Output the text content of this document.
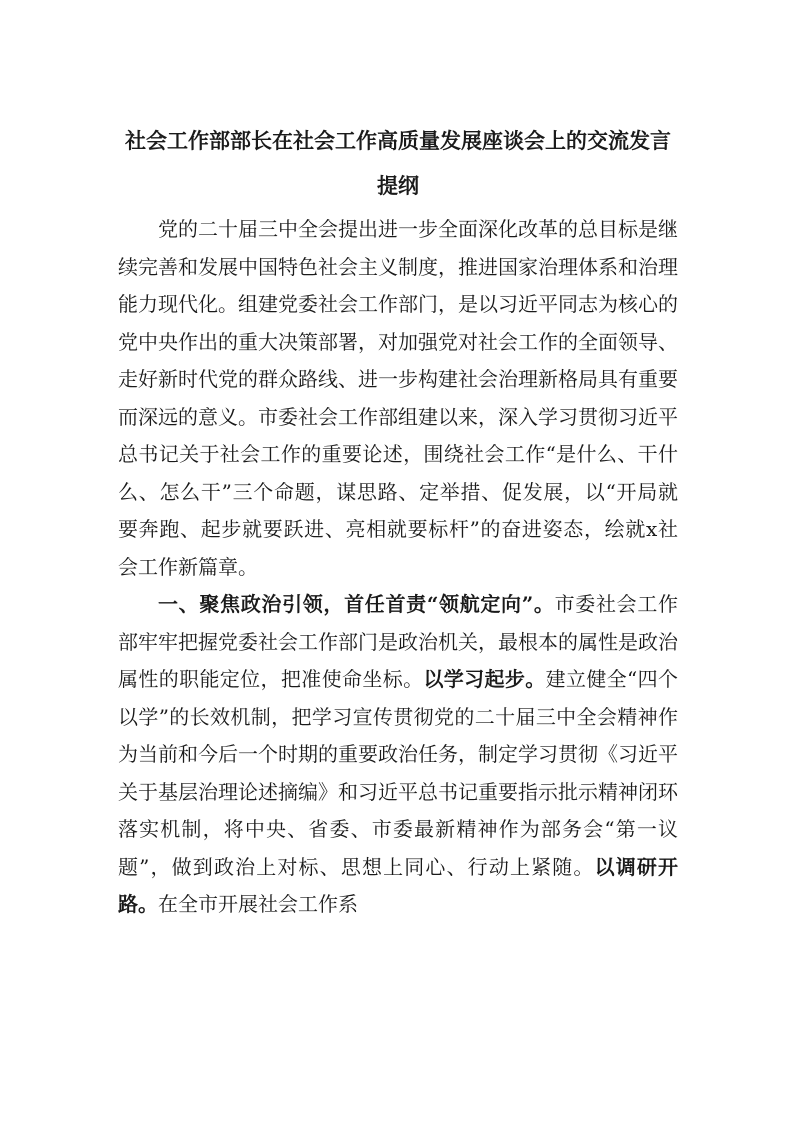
社会工作部部长在社会工作高质量发展座谈会上的交流发言提纲

党的二十届三中全会提出进一步全面深化改革的总目标是继续完善和发展中国特色社会主义制度，推进国家治理体系和治理能力现代化。组建党委社会工作部门，是以习近平同志为核心的党中央作出的重大决策部署，对加强党对社会工作的全面领导、走好新时代党的群众路线、进一步构建社会治理新格局具有重要而深远的意义。市委社会工作部组建以来，深入学习贯彻习近平总书记关于社会工作的重要论述，围绕社会工作“是什么、干什么、怎么干”三个命题，谋思路、定举措、促发展，以“开局就要奔跑、起步就要跃进、亮相就要标杆”的奋进姿态，绘就x社会工作新篇章。

一、聚焦政治引领，首任首责“领航定向”。市委社会工作部牢牢把握党委社会工作部门是政治机关，最根本的属性是政治属性的职能定位，把准使命坐标。以学习起步。建立健全“四个以学”的长效机制，把学习宣传贯彻党的二十届三中全会精神作为当前和今后一个时期的重要政治任务，制定学习贯彻《习近平关于基层治理论述摘编》和习近平总书记重要指示批示精神闭环落实机制，将中央、省委、市委最新精神作为部务会“第一议题”，做到政治上对标、思想上同心、行动上紧随。以调研开路。在全市开展社会工作系
